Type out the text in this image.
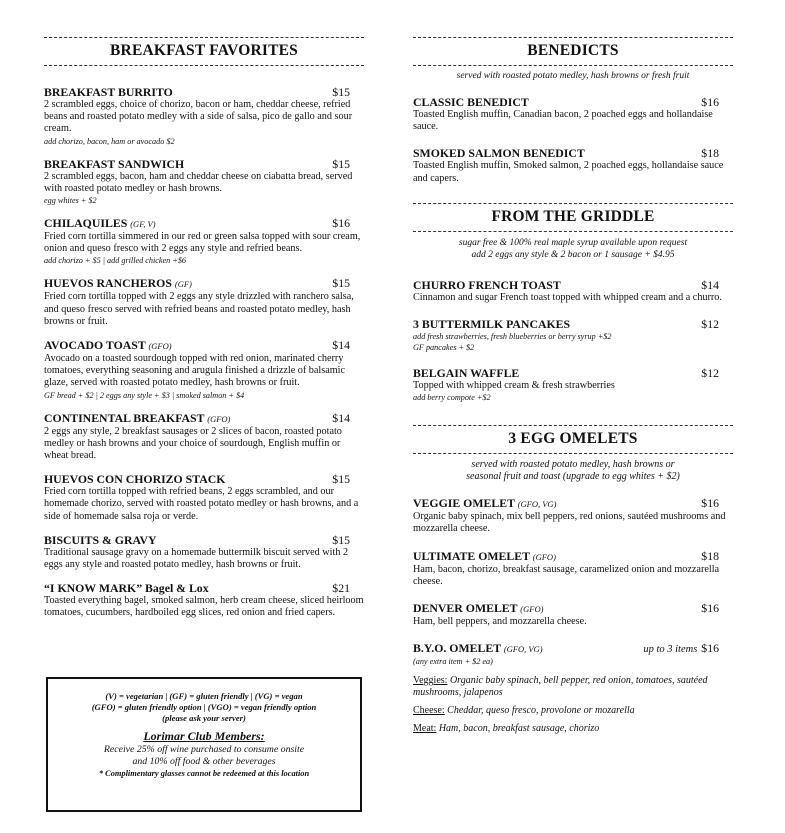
BREAKFAST FAVORITES
BREAKFAST BURRITO	$15
2 scrambled eggs, choice of chorizo, bacon or ham, cheddar cheese, refried beans and roasted potato medley with a side of salsa, pico de gallo and sour cream.
add chorizo, bacon, ham or avocado $2
BREAKFAST SANDWICH	$15
2 scrambled eggs, bacon, ham and cheddar cheese on ciabatta bread, served with roasted potato medley or hash browns.
egg whites + $2
CHILAQUILES (GF, V)	$16
Fried corn tortilla simmered in our red or green salsa topped with sour cream, onion and queso fresco with 2 eggs any style and refried beans.
add chorizo + $5 | add grilled chicken +$6
HUEVOS RANCHEROS (GF)	$15
Fried corn tortilla topped with 2 eggs any style drizzled with ranchero salsa, and queso fresco served with refried beans and roasted potato medley, hash browns or fruit.
AVOCADO TOAST (GFO)	$14
Avocado on a toasted sourdough topped with red onion, marinated cherry tomatoes, everything seasoning and arugula finished a drizzle of balsamic glaze, served with roasted potato medley, hash browns or fruit.
GF bread + $2 | 2 eggs any style + $3 | smoked salmon + $4
CONTINENTAL BREAKFAST (GFO)	$14
2 eggs any style, 2 breakfast sausages or 2 slices of bacon, roasted potato medley or hash browns and your choice of sourdough, English muffin or wheat bread.
HUEVOS CON CHORIZO STACK	$15
Fried corn tortilla topped with refried beans, 2 eggs scrambled, and our homemade chorizo, served with roasted potato medley or hash browns, and a side of homemade salsa roja or verde.
BISCUITS & GRAVY	$15
Traditional sausage gravy on a homemade buttermilk biscuit served with 2 eggs any style and roasted potato medley, hash browns or fruit.
“I KNOW MARK” Bagel & Lox	$21
Toasted everything bagel, smoked salmon, herb cream cheese, sliced heirloom tomatoes, cucumbers, hardboiled egg slices, red onion and fried capers.
(V) = vegetarian | (GF) = gluten friendly | (VG) = vegan
(GFO) = gluten friendly option | (VGO) = vegan friendly option
(please ask your server)
Lorimar Club Members:
Receive 25% off wine purchased to consume onsite
and 10% off food & other beverages
* Complimentary glasses cannot be redeemed at this location
BENEDICTS
served with roasted potato medley, hash browns or fresh fruit
CLASSIC BENEDICT	$16
Toasted English muffin, Canadian bacon, 2 poached eggs and hollandaise sauce.
SMOKED SALMON BENEDICT	$18
Toasted English muffin, Smoked salmon, 2 poached eggs, hollandaise sauce and capers.
FROM THE GRIDDLE
sugar free & 100% real maple syrup available upon request
add 2 eggs any style & 2 bacon or 1 sausage + $4.95
CHURRO FRENCH TOAST	$14
Cinnamon and sugar French toast topped with whipped cream and a churro.
3 BUTTERMILK PANCAKES	$12
add fresh strawberries, fresh blueberries or berry syrup +$2
GF pancakes + $2
BELGAIN WAFFLE	$12
Topped with whipped cream & fresh strawberries
add berry compote +$2
3 EGG OMELETS
served with roasted potato medley, hash browns or
seasonal fruit and toast (upgrade to egg whites + $2)
VEGGIE OMELET (GFO, VG)	$16
Organic baby spinach, mix bell peppers, red onions, sautéed mushrooms and mozzarella cheese.
ULTIMATE OMELET (GFO)	$18
Ham, bacon, chorizo, breakfast sausage, caramelized onion and mozzarella cheese.
DENVER OMELET (GFO)	$16
Ham, bell peppers, and mozzarella cheese.
B.Y.O. OMELET (GFO, VG)	up to 3 items $16
(any extra item + $2 ea)
Veggies: Organic baby spinach, bell pepper, red onion, tomatoes, sautéed mushrooms, jalapenos
Cheese: Cheddar, queso fresco, provolone or mozarella
Meat: Ham, bacon, breakfast sausage, chorizo
